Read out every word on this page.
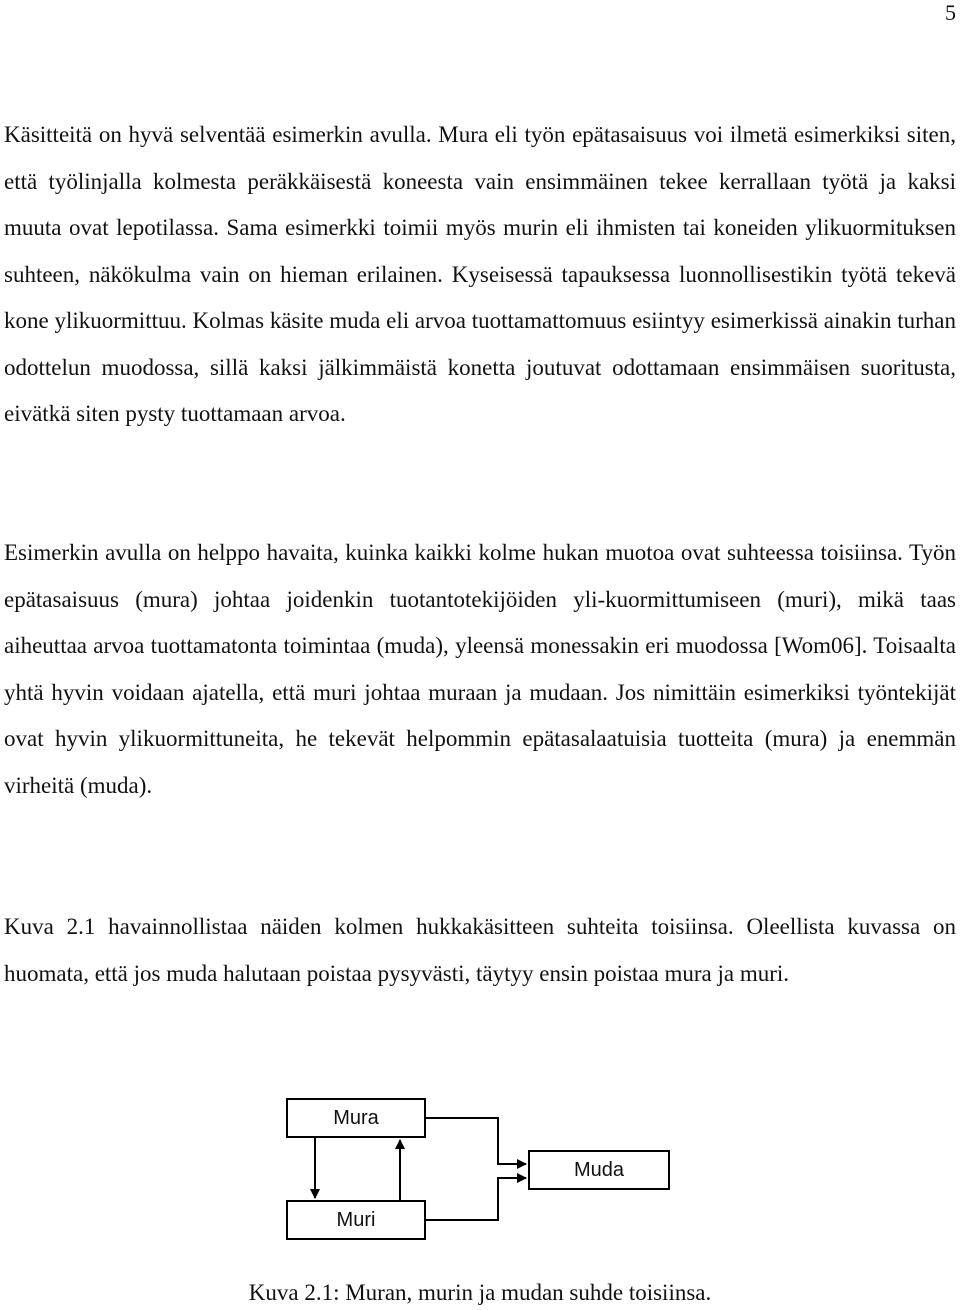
5

Käsitteitä on hyvä selventää esimerkin avulla. Mura eli työn epätasaisuus voi ilmetä esimerkiksi siten, että työlinjalla kolmesta peräkkäisestä koneesta vain ensimmäinen tekee kerrallaan työtä ja kaksi muuta ovat lepotilassa. Sama esimerkki toimii myös murin eli ihmisten tai koneiden ylikuormituksen suhteen, näkökulma vain on hieman erilainen. Kyseisessä tapauksessa luonnollisestikin työtä tekevä kone ylikuormittuu. Kolmas käsite muda eli arvoa tuottamattomuus esiintyy esimerkissä ainakin turhan odottelun muodossa, sillä kaksi jälkimmäistä konetta joutuvat odottamaan ensimmäisen suoritusta, eivätkä siten pysty tuottamaan arvoa.

Esimerkin avulla on helppo havaita, kuinka kaikki kolme hukan muotoa ovat suhteessa toisiinsa. Työn epätasaisuus (mura) johtaa joidenkin tuotantotekijöiden yli-kuormittumiseen (muri), mikä taas aiheuttaa arvoa tuottamatonta toimintaa (muda), yleensä monessakin eri muodossa [Wom06]. Toisaalta yhtä hyvin voidaan ajatella, että muri johtaa muraan ja mudaan. Jos nimittäin esimerkiksi työntekijät ovat hyvin ylikuormittuneita, he tekevät helpommin epätasalaatuisia tuotteita (mura) ja enemmän virheitä (muda).

Kuva 2.1 havainnollistaa näiden kolmen hukkakäsitteen suhteita toisiinsa. Oleellista kuvassa on huomata, että jos muda halutaan poistaa pysyvästi, täytyy ensin poistaa mura ja muri.

Mura
Muda
Muri
Kuva 2.1: Muran, murin ja mudan suhde toisiinsa.
